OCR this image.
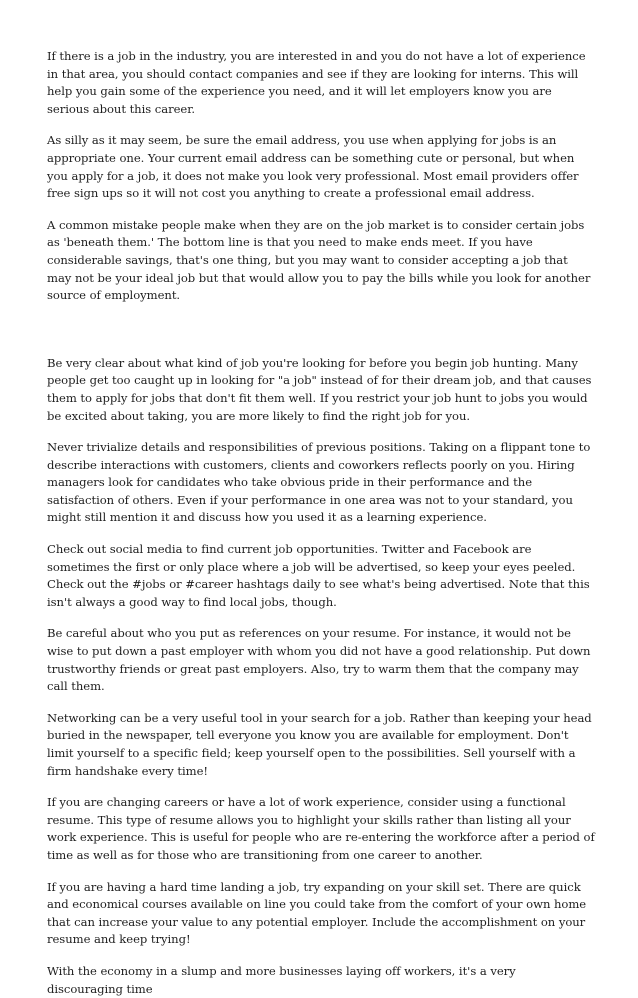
If there is a job in the industry, you are interested in and you do not have a lot of experience in that area, you should contact companies and see if they are looking for interns. This will help you gain some of the experience you need, and it will let employers know you are serious about this career.

As silly as it may seem, be sure the email address, you use when applying for jobs is an appropriate one. Your current email address can be something cute or personal, but when you apply for a job, it does not make you look very professional. Most email providers offer free sign ups so it will not cost you anything to create a professional email address.

A common mistake people make when they are on the job market is to consider certain jobs as 'beneath them.' The bottom line is that you need to make ends meet. If you have considerable savings, that's one thing, but you may want to consider accepting a job that may not be your ideal job but that would allow you to pay the bills while you look for another source of employment.

Be very clear about what kind of job you're looking for before you begin job hunting. Many people get too caught up in looking for "a job" instead of for their dream job, and that causes them to apply for jobs that don't fit them well. If you restrict your job hunt to jobs you would be excited about taking, you are more likely to find the right job for you.

Never trivialize details and responsibilities of previous positions. Taking on a flippant tone to describe interactions with customers, clients and coworkers reflects poorly on you. Hiring managers look for candidates who take obvious pride in their performance and the satisfaction of others. Even if your performance in one area was not to your standard, you might still mention it and discuss how you used it as a learning experience.

Check out social media to find current job opportunities. Twitter and Facebook are sometimes the first or only place where a job will be advertised, so keep your eyes peeled. Check out the #jobs or #career hashtags daily to see what's being advertised. Note that this isn't always a good way to find local jobs, though.

Be careful about who you put as references on your resume. For instance, it would not be wise to put down a past employer with whom you did not have a good relationship. Put down trustworthy friends or great past employers. Also, try to warm them that the company may call them.

Networking can be a very useful tool in your search for a job. Rather than keeping your head buried in the newspaper, tell everyone you know you are available for employment. Don't limit yourself to a specific field; keep yourself open to the possibilities. Sell yourself with a firm handshake every time!

If you are changing careers or have a lot of work experience, consider using a functional resume. This type of resume allows you to highlight your skills rather than listing all your work experience. This is useful for people who are re-entering the workforce after a period of time as well as for those who are transitioning from one career to another.

If you are having a hard time landing a job, try expanding on your skill set. There are quick and economical courses available on line you could take from the comfort of your own home that can increase your value to any potential employer. Include the accomplishment on your resume and keep trying!

With the economy in a slump and more businesses laying off workers, it's a very discouraging time
